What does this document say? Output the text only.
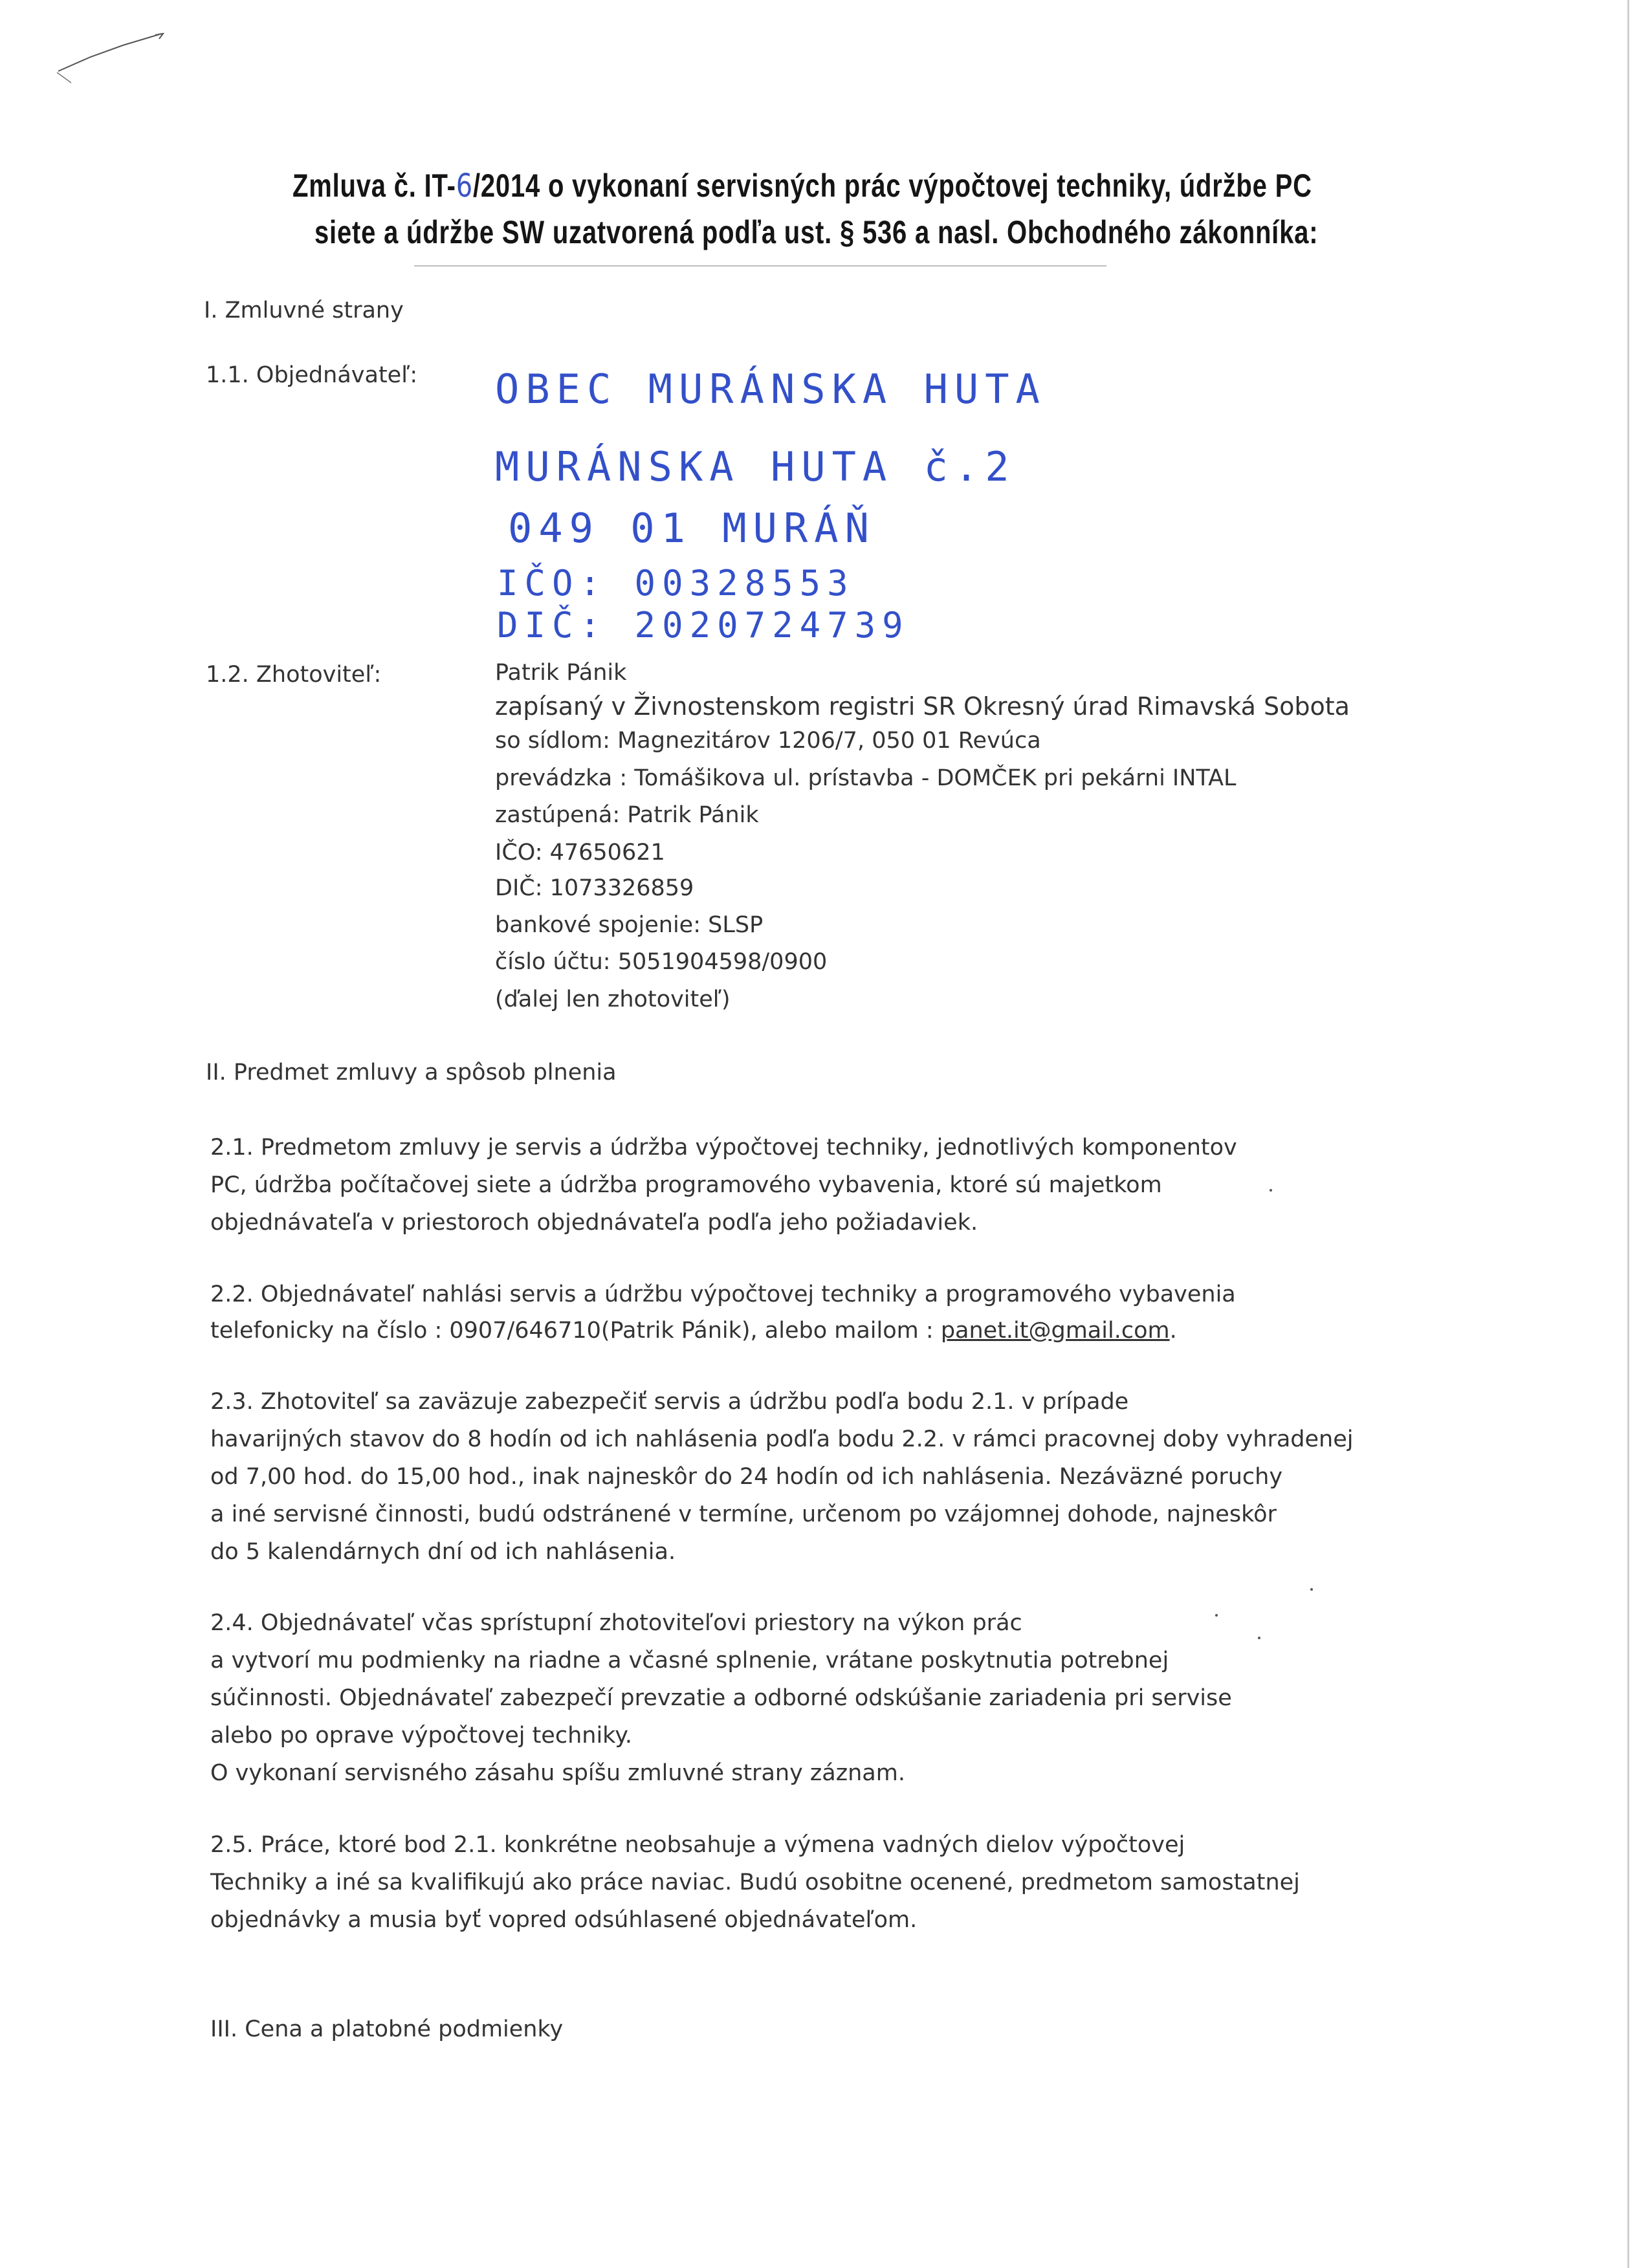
Zmluva č. IT-6/2014 o vykonaní servisných prác výpočtovej techniky, údržbe PC
siete a údržbe SW uzatvorená podľa ust. § 536 a nasl. Obchodného zákonníka:
I. Zmluvné strany
1.1. Objednávateľ: OBEC MURÁNSKA HUTA
MURÁNSKA HUTA č.2
049 01 MURÁŇ
IČO: 00328553
DIČ: 2020724739
1.2. Zhotoviteľ:	Patrik Pánik
zapísaný v Živnostenskom registri SR Okresný úrad Rimavská Sobota
so sídlom: Magnezitárov 1206/7, 050 01 Revúca
prevádzka : Tomášikova ul. prístavba - DOMČEK pri pekárni INTAL
zastúpená: Patrik Pánik
IČO: 47650621
DIČ: 1073326859
bankové spojenie: SLSP
číslo účtu: 5051904598/0900
(ďalej len zhotoviteľ)
II. Predmet zmluvy a spôsob plnenia
2.1. Predmetom zmluvy je servis a údržba výpočtovej techniky, jednotlivých komponentov
PC, údržba počítačovej siete a údržba programového vybavenia, ktoré sú majetkom
objednávateľa v priestoroch objednávateľa podľa jeho požiadaviek.
2.2. Objednávateľ nahlási servis a údržbu výpočtovej techniky a programového vybavenia
telefonicky na číslo : 0907/646710(Patrik Pánik), alebo mailom : panet.it@gmail.com.
2.3. Zhotoviteľ sa zaväzuje zabezpečiť servis a údržbu podľa bodu 2.1. v prípade
havarijných stavov do 8 hodín od ich nahlásenia podľa bodu 2.2. v rámci pracovnej doby vyhradenej
od 7,00 hod. do 15,00 hod., inak najneskôr do 24 hodín od ich nahlásenia. Nezáväzné poruchy
a iné servisné činnosti, budú odstránené v termíne, určenom po vzájomnej dohode, najneskôr
do 5 kalendárnych dní od ich nahlásenia.
2.4. Objednávateľ včas sprístupní zhotoviteľovi priestory na výkon prác
a vytvorí mu podmienky na riadne a včasné splnenie, vrátane poskytnutia potrebnej
súčinnosti. Objednávateľ zabezpečí prevzatie a odborné odskúšanie zariadenia pri servise
alebo po oprave výpočtovej techniky.
O vykonaní servisného zásahu spíšu zmluvné strany záznam.
2.5. Práce, ktoré bod 2.1. konkrétne neobsahuje a výmena vadných dielov výpočtovej
Techniky a iné sa kvalifikujú ako práce naviac. Budú osobitne ocenené, predmetom samostatnej
objednávky a musia byť vopred odsúhlasené objednávateľom.
III. Cena a platobné podmienky
